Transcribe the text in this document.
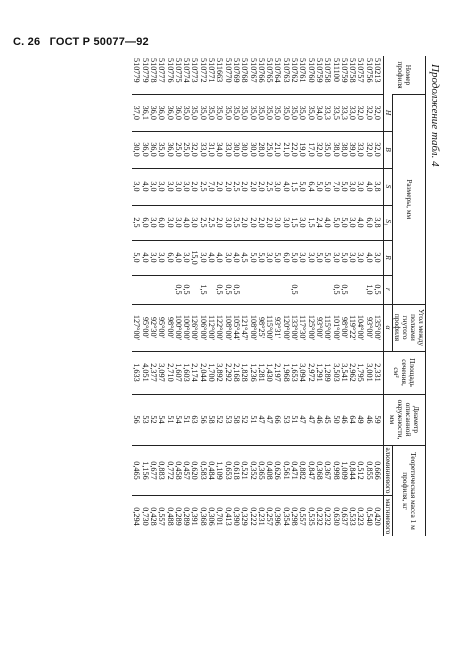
С. 26 ГОСТ Р 50077—92
Продолжение табл. 4
Номер профиля	Размеры, мм						Угол между полками гнутого профиля	Площадь сечения, см²	Диаметр описанной окружности, мм	Теоретическая масса 1 м профиля, кг	
	H	B	S	S₁	R	r	α			алюминиевого	магниевого
510213	32,0	32,0	3,8	3,8	3,0	0,5	135°00'	2,331	59	0,666	0,420
510756	32,0	32,0	4,0	6,0	4,0	1,0	93°00'	3,001	46	0,855	0,540
510757	32,0	33,0	3,0	4,0	3,0		104°00'	1,795	49	0,512	0,323
510758	33,0	39,0	3,0	3,0	3,0		119°22'	2,962	64	0,844	0,533
510759	33,3	38,0	5,0	5,0	5,0	0,5	98°00'	3,541	46	1,009	0,637
511100	33,5	38,0	7,0	5,0	3,0	0,5	101°00'	3,503	50	0,998	0,630
510758	33,3	35,0	5,0	4,0	5,0		115°00'	1,289	45	0,367	0,232
510759	34,0	32,0	5,0	2,4	5,0		93°00'	1,291	46	0,368	0,232
510760	35,0	17,0	6,4	1,5	3,0		125°00'	2,972	47	0,847	0,535
510761	35,0	19,0	5,0	3,0	3,0		117°30'	3,094	47	0,882	0,557
510762	35,0	22,0	1,5	1,5	5,0	0,5	133°00'	1,653	51	0,471	0,298
510763	35,0	21,0	4,0	3,0	6,0		120°00'	1,968	53	0,561	0,354
510764	35,0	21,0	3,0	3,0	5,0		93°31'	2,197	66	0,626	0,396
510765	35,0	25,0	2,5	2,0	3,0		115°00'	1,430	47	0,408	0,257
510766	35,0	28,0	2,0	2,0	5,0		98°25'	1,281	47	0,365	0,231
510767	35,0	30,0	2,0	2,0	5,0		108°00'	1,236	51	0,352	0,222
510768	35,0	30,0	2,0	2,0	4,5		121°47'	1,828	52	0,521	0,329
510769	35,0	30,0	2,5	3,5	4,0	0,5	105°44'	2,168	58	0,618	0,390
510770	35,0	33,0	2,0	3,0	3,0	0,5	108°00'	2,292	53	0,653	0,413
511663	35,0	34,0	2,0	2,0	4,0	0,5	122°00'	3,892	52	1,109	0,701
510771	35,0	31,0	7,0	2,5	4,0		112°00'	1,700	58	0,484	0,306
510772	35,0	33,0	2,5	2,5	3,0	1,5	106°00'	2,044	56	0,583	0,368
510773	35,0	32,0	2,0	3,0	15,0		126°00'	2,174	63	0,620	0,391
510774	35,0	25,0	3,0	4,0	3,0	0,5	100°00'	1,603	51	0,457	0,289
510775	36,0	25,0	3,0	3,0	4,0	0,5	100°00'	1,607	54	0,458	0,289
510776	36,0	36,0	3,0	3,0	6,0		98°00'	2,710	51	0,772	0,488
510777	36,0	35,0	3,0	6,0	3,0		95°00'	3,097	54	0,883	0,557
510778	36,0	36,0	3,0	3,0	3,0		92°30'	2,377	52	0,677	0,428
510779	36,1	36,0	4,0	6,0	4,0		95°00'	4,051	53	1,156	0,730
510779	37,0	30,0	3,0	2,5	5,0		127°00'	1,633	56	0,465	0,294
